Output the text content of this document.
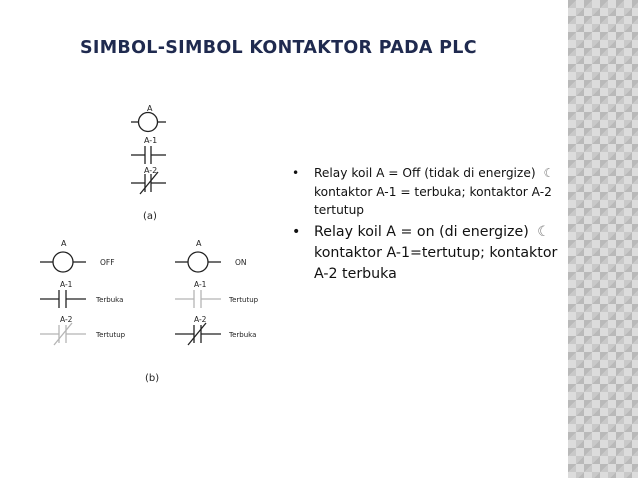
SIMBOL-SIMBOL KONTAKTOR PADA PLC
A
A-1
A-2
(a)
A
OFF
A-1
Terbuka
A-2
Tertutup
A
ON
A-1
Tertutup
A-2
Terbuka
(b)
• Relay koil A = Off (tidak di energize) ☾ kontaktor A-1 = terbuka; kontaktor A-2 tertutup
• Relay koil A = on (di energize) ☾ kontaktor A-1=tertutup; kontaktor A-2 terbuka
